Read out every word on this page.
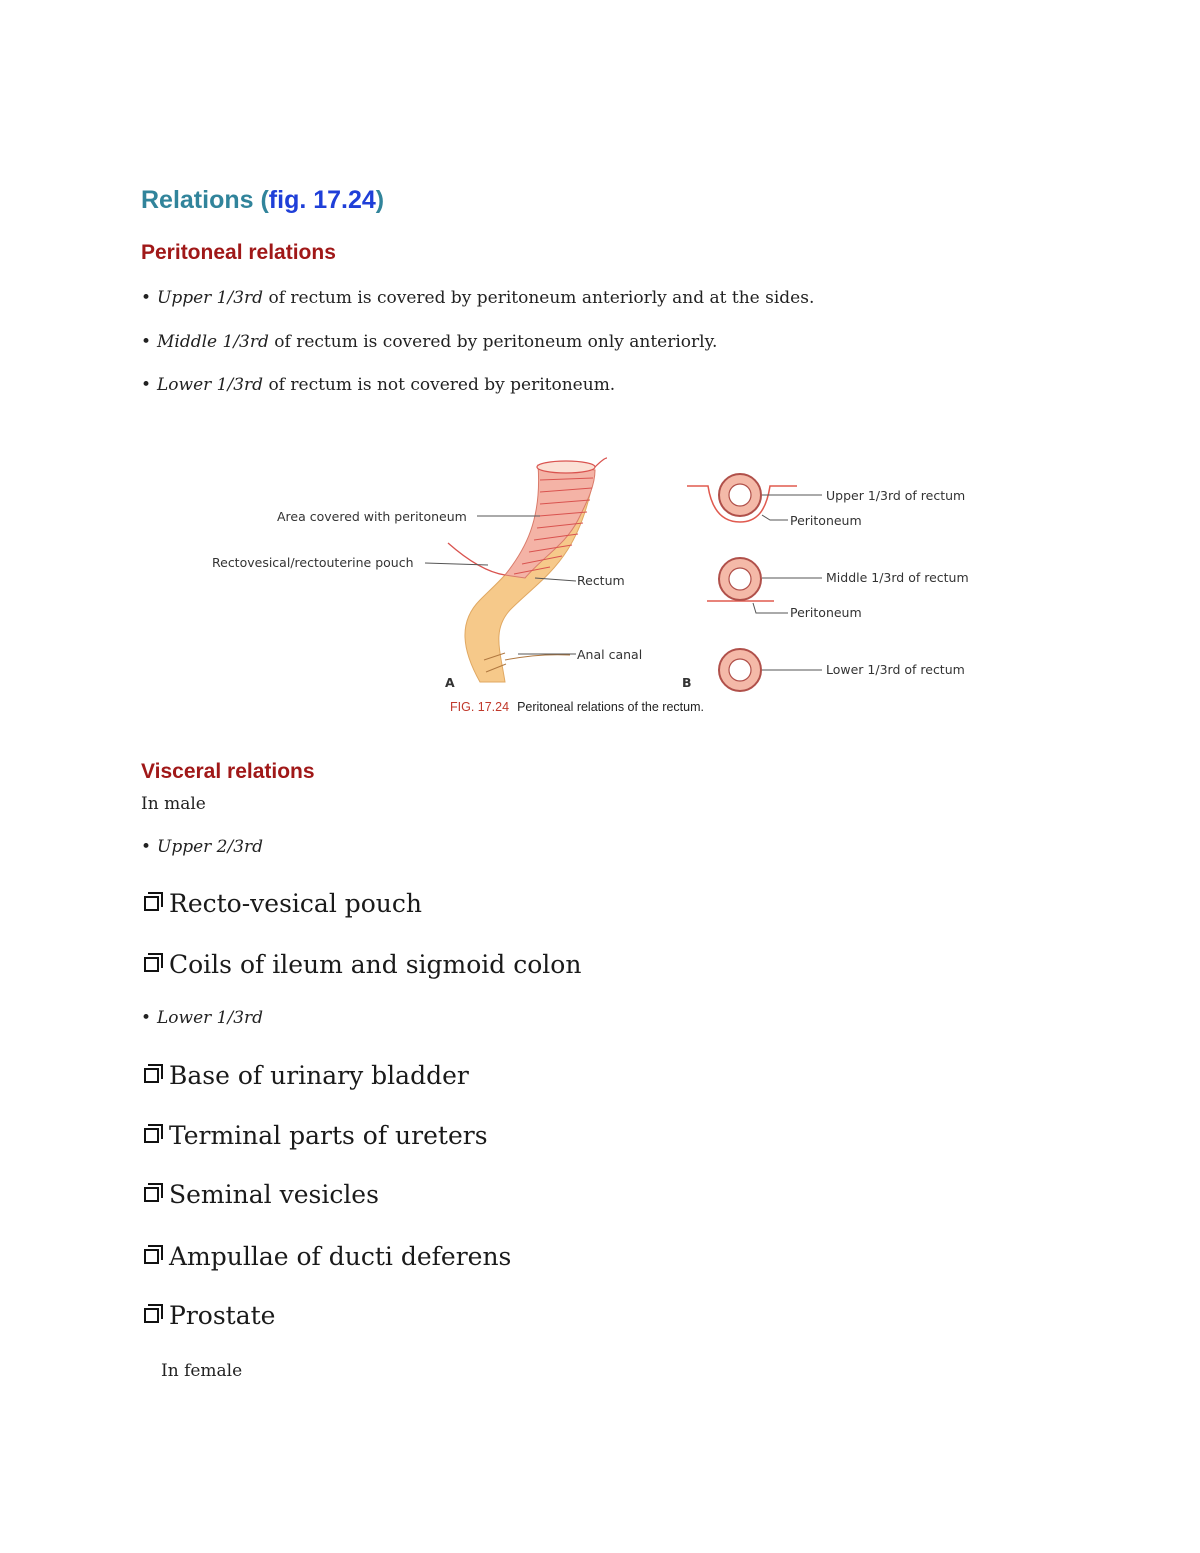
Relations (fig. 17.24)
Peritoneal relations
• Upper 1/3rd of rectum is covered by peritoneum anteriorly and at the sides.
• Middle 1/3rd of rectum is covered by peritoneum only anteriorly.
• Lower 1/3rd of rectum is not covered by peritoneum.
Area covered with peritoneum
Rectovesical/rectouterine pouch
Rectum
Anal canal
A
Upper 1/3rd of rectum
Peritoneum
Middle 1/3rd of rectum
Peritoneum
Lower 1/3rd of rectum
B
FIG. 17.24 Peritoneal relations of the rectum.
Visceral relations
In male
• Upper 2/3rd
Recto-vesical pouch
Coils of ileum and sigmoid colon
• Lower 1/3rd
Base of urinary bladder
Terminal parts of ureters
Seminal vesicles
Ampullae of ducti deferens
Prostate
In female
